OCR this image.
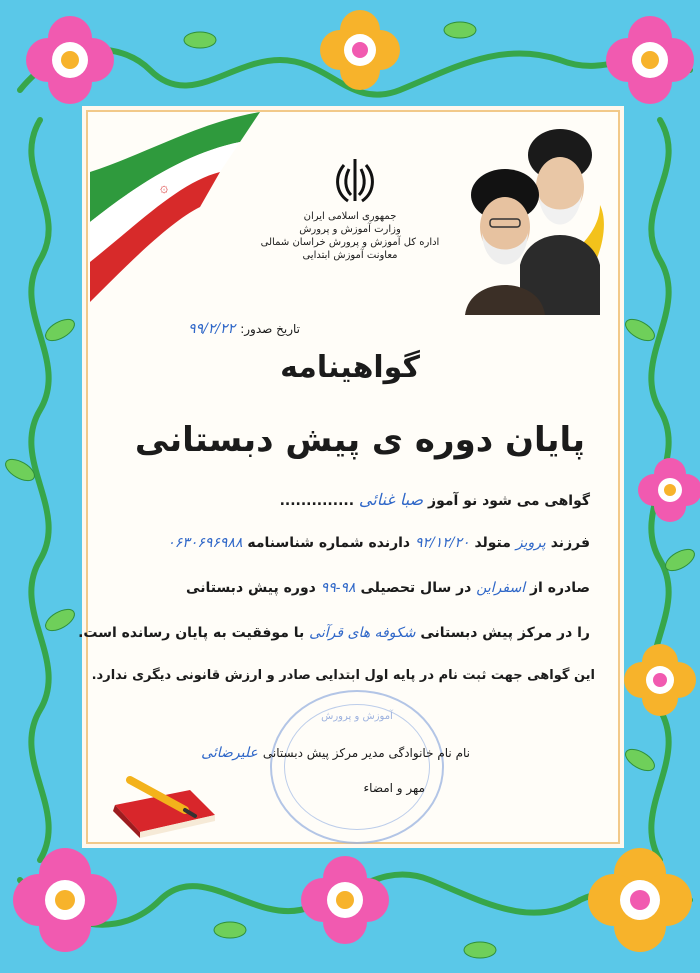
۞
جمهوری اسلامی ایران
وزارت آموزش و پرورش
اداره کل آموزش و پرورش خراسان شمالی
معاونت آموزش ابتدایی
تاریخ صدور: ۹۹/۲/۲۲
گواهینامه
پایان دوره ی پیش دبستانی
گواهی می شود نو آموز صبا غنائی ..............
فرزند پرویز متولد ۹۲/۱۲/۲۰ دارنده شماره شناسنامه ۰۶۳۰۶۹۶۹۸۸
صادره از اسفراین در سال تحصیلی ۹۸-۹۹ دوره پیش دبستانی
را در مرکز پیش دبستانی شکوفه های قرآنی با موفقیت به پایان رسانده است.
این گواهی جهت ثبت نام در پایه اول ابتدایی صادر و ارزش قانونی دیگری ندارد.
آموزش و پرورش
نام نام خانوادگی مدیر مرکز پیش دبستانی علیرضائی
مهر و امضاء
